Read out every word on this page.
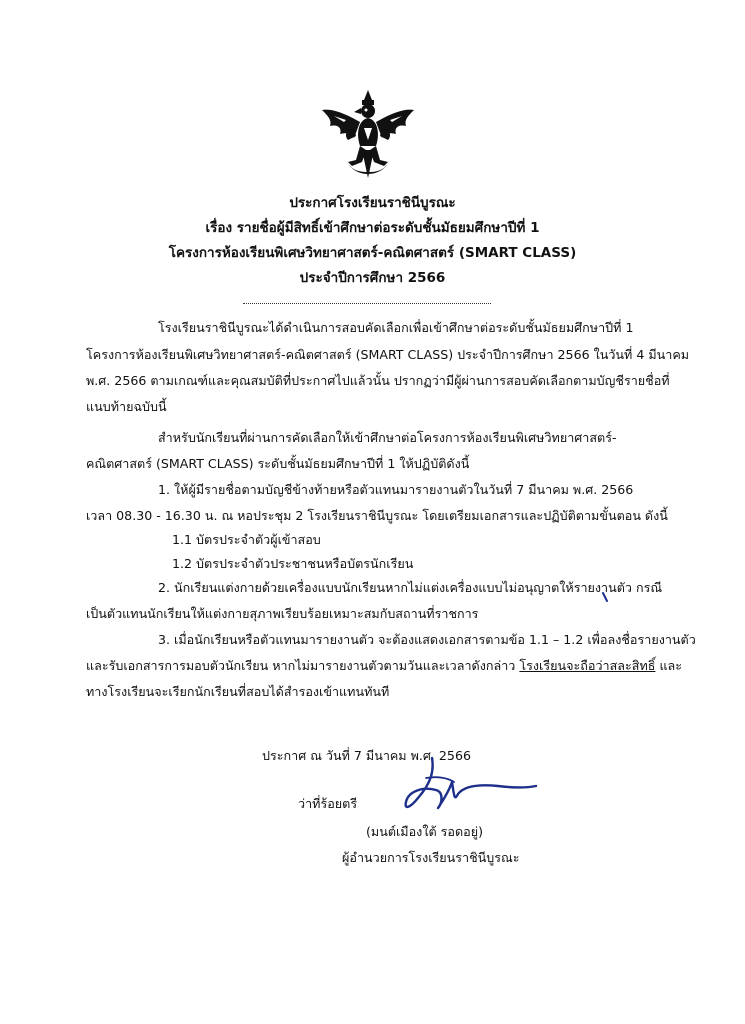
ประกาศโรงเรียนราชินีบูรณะ
เรื่อง รายชื่อผู้มีสิทธิ์เข้าศึกษาต่อระดับชั้นมัธยมศึกษาปีที่ 1
โครงการห้องเรียนพิเศษวิทยาศาสตร์-คณิตศาสตร์ (SMART CLASS)
ประจำปีการศึกษา 2566
โรงเรียนราชินีบูรณะได้ดำเนินการสอบคัดเลือกเพื่อเข้าศึกษาต่อระดับชั้นมัธยมศึกษาปีที่ 1
โครงการห้องเรียนพิเศษวิทยาศาสตร์-คณิตศาสตร์ (SMART CLASS) ประจำปีการศึกษา 2566 ในวันที่ 4 มีนาคม
พ.ศ. 2566 ตามเกณฑ์และคุณสมบัติที่ประกาศไปแล้วนั้น ปรากฏว่ามีผู้ผ่านการสอบคัดเลือกตามบัญชีรายชื่อที่
แนบท้ายฉบับนี้
สำหรับนักเรียนที่ผ่านการคัดเลือกให้เข้าศึกษาต่อโครงการห้องเรียนพิเศษวิทยาศาสตร์-
คณิตศาสตร์ (SMART CLASS) ระดับชั้นมัธยมศึกษาปีที่ 1 ให้ปฏิบัติดังนี้
1. ให้ผู้มีรายชื่อตามบัญชีข้างท้ายหรือตัวแทนมารายงานตัวในวันที่ 7 มีนาคม พ.ศ. 2566
เวลา 08.30 - 16.30 น. ณ หอประชุม 2 โรงเรียนราชินีบูรณะ โดยเตรียมเอกสารและปฏิบัติตามขั้นตอน ดังนี้
1.1 บัตรประจำตัวผู้เข้าสอบ
1.2 บัตรประจำตัวประชาชนหรือบัตรนักเรียน
2. นักเรียนแต่งกายด้วยเครื่องแบบนักเรียนหากไม่แต่งเครื่องแบบไม่อนุญาตให้รายงานตัว กรณี
เป็นตัวแทนนักเรียนให้แต่งกายสุภาพเรียบร้อยเหมาะสมกับสถานที่ราชการ
3. เมื่อนักเรียนหรือตัวแทนมารายงานตัว จะต้องแสดงเอกสารตามข้อ 1.1 – 1.2 เพื่อลงชื่อรายงานตัว
และรับเอกสารการมอบตัวนักเรียน หากไม่มารายงานตัวตามวันและเวลาดังกล่าว โรงเรียนจะถือว่าสละสิทธิ์ และ
ทางโรงเรียนจะเรียกนักเรียนที่สอบได้สำรองเข้าแทนทันที
ประกาศ ณ วันที่ 7 มีนาคม พ.ศ. 2566
ว่าที่ร้อยตรี
(มนต์เมืองใต้ รอดอยู่)
ผู้อำนวยการโรงเรียนราชินีบูรณะ
